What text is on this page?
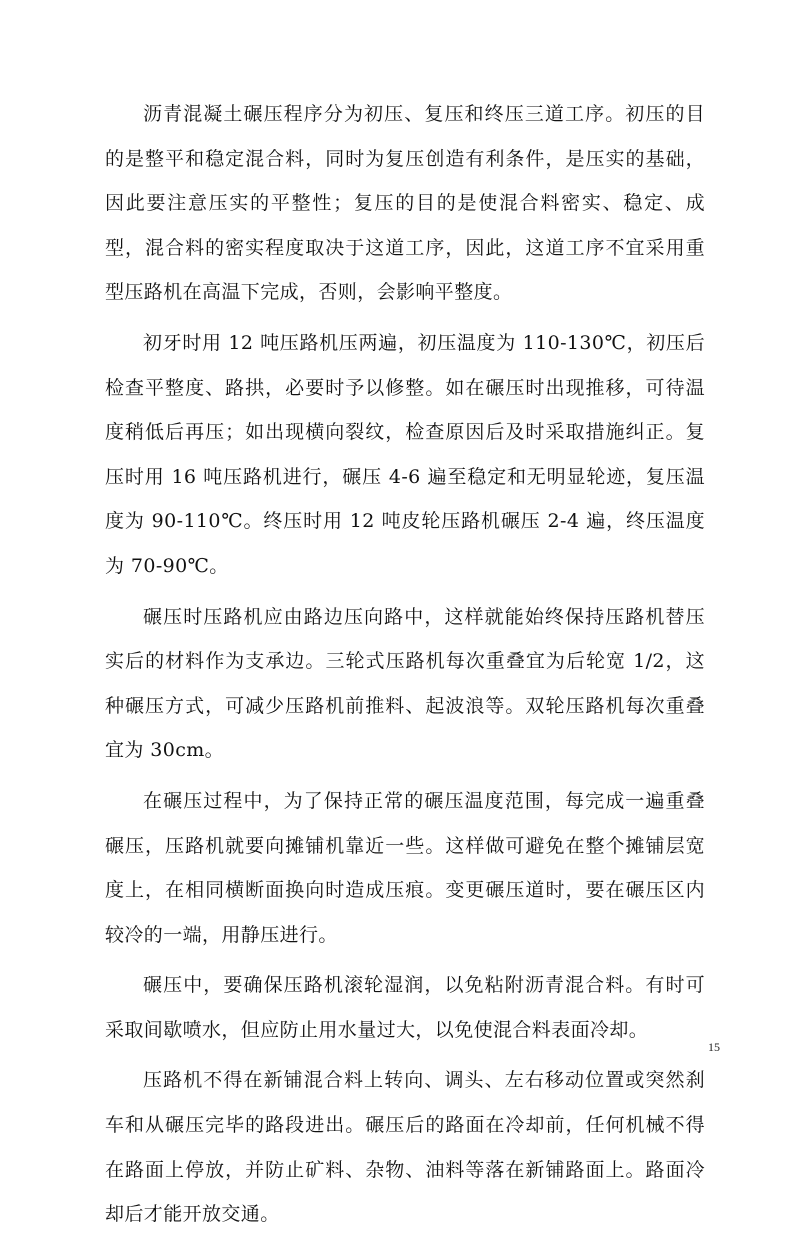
沥青混凝土碾压程序分为初压、复压和终压三道工序。初压的目的是整平和稳定混合料，同时为复压创造有利条件，是压实的基础，因此要注意压实的平整性；复压的目的是使混合料密实、稳定、成型，混合料的密实程度取决于这道工序，因此，这道工序不宜采用重型压路机在高温下完成，否则，会影响平整度。

初牙时用 12 吨压路机压两遍，初压温度为 110-130℃，初压后检查平整度、路拱，必要时予以修整。如在碾压时出现推移，可待温度稍低后再压；如出现横向裂纹，检查原因后及时采取措施纠正。复压时用 16 吨压路机进行，碾压 4-6 遍至稳定和无明显轮迹，复压温度为 90-110℃。终压时用 12 吨皮轮压路机碾压 2-4 遍，终压温度为 70-90℃。

碾压时压路机应由路边压向路中，这样就能始终保持压路机替压实后的材料作为支承边。三轮式压路机每次重叠宜为后轮宽 1/2，这种碾压方式，可减少压路机前推料、起波浪等。双轮压路机每次重叠宜为 30cm。

在碾压过程中，为了保持正常的碾压温度范围，每完成一遍重叠碾压，压路机就要向摊铺机靠近一些。这样做可避免在整个摊铺层宽度上，在相同横断面换向时造成压痕。变更碾压道时，要在碾压区内较冷的一端，用静压进行。

碾压中，要确保压路机滚轮湿润，以免粘附沥青混合料。有时可采取间歇喷水，但应防止用水量过大，以免使混合料表面冷却。

压路机不得在新铺混合料上转向、调头、左右移动位置或突然刹车和从碾压完毕的路段进出。碾压后的路面在冷却前，任何机械不得在路面上停放，并防止矿料、杂物、油料等落在新铺路面上。路面冷却后才能开放交通。

15
